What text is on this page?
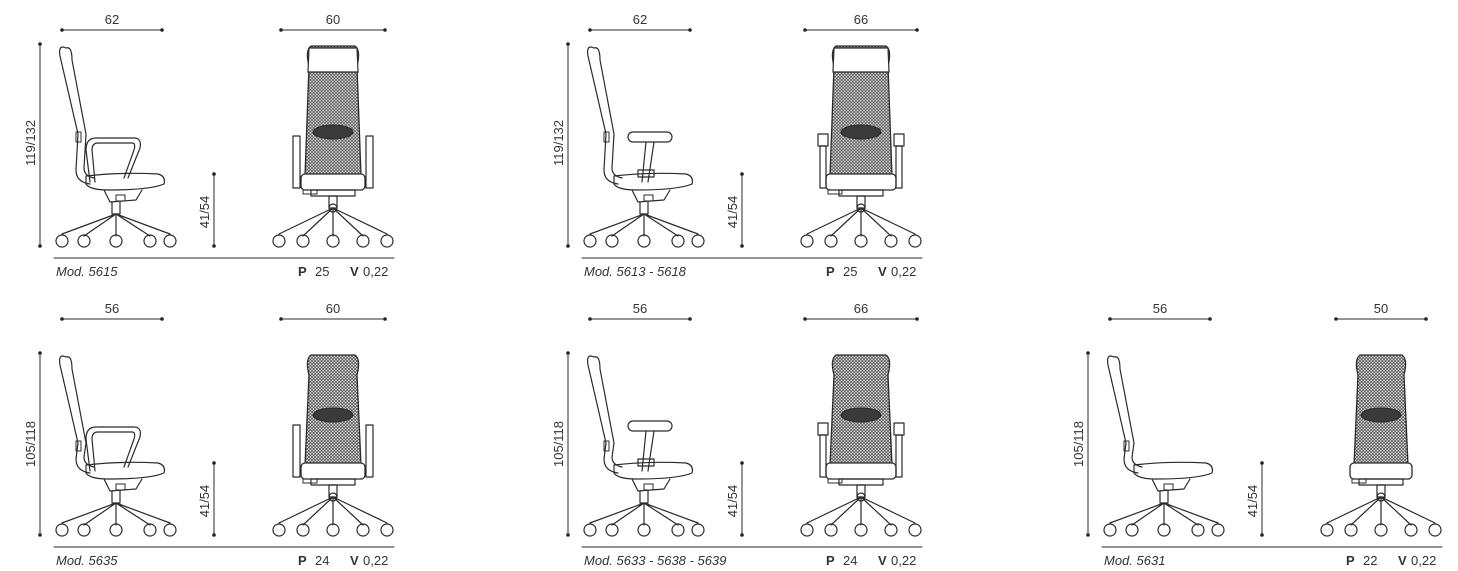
62	60
119/132
41/54
Mod. 5615	P 25 V 0,22
62	66
119/132
41/54
Mod. 5613 - 5618	P 25 V 0,22
56	60
105/118
41/54
Mod. 5635	P 24 V 0,22
56	66
105/118
41/54
Mod. 5633 - 5638 - 5639	P 24 V 0,22
56	50
105/118
41/54
Mod. 5631	P 22 V 0,22
